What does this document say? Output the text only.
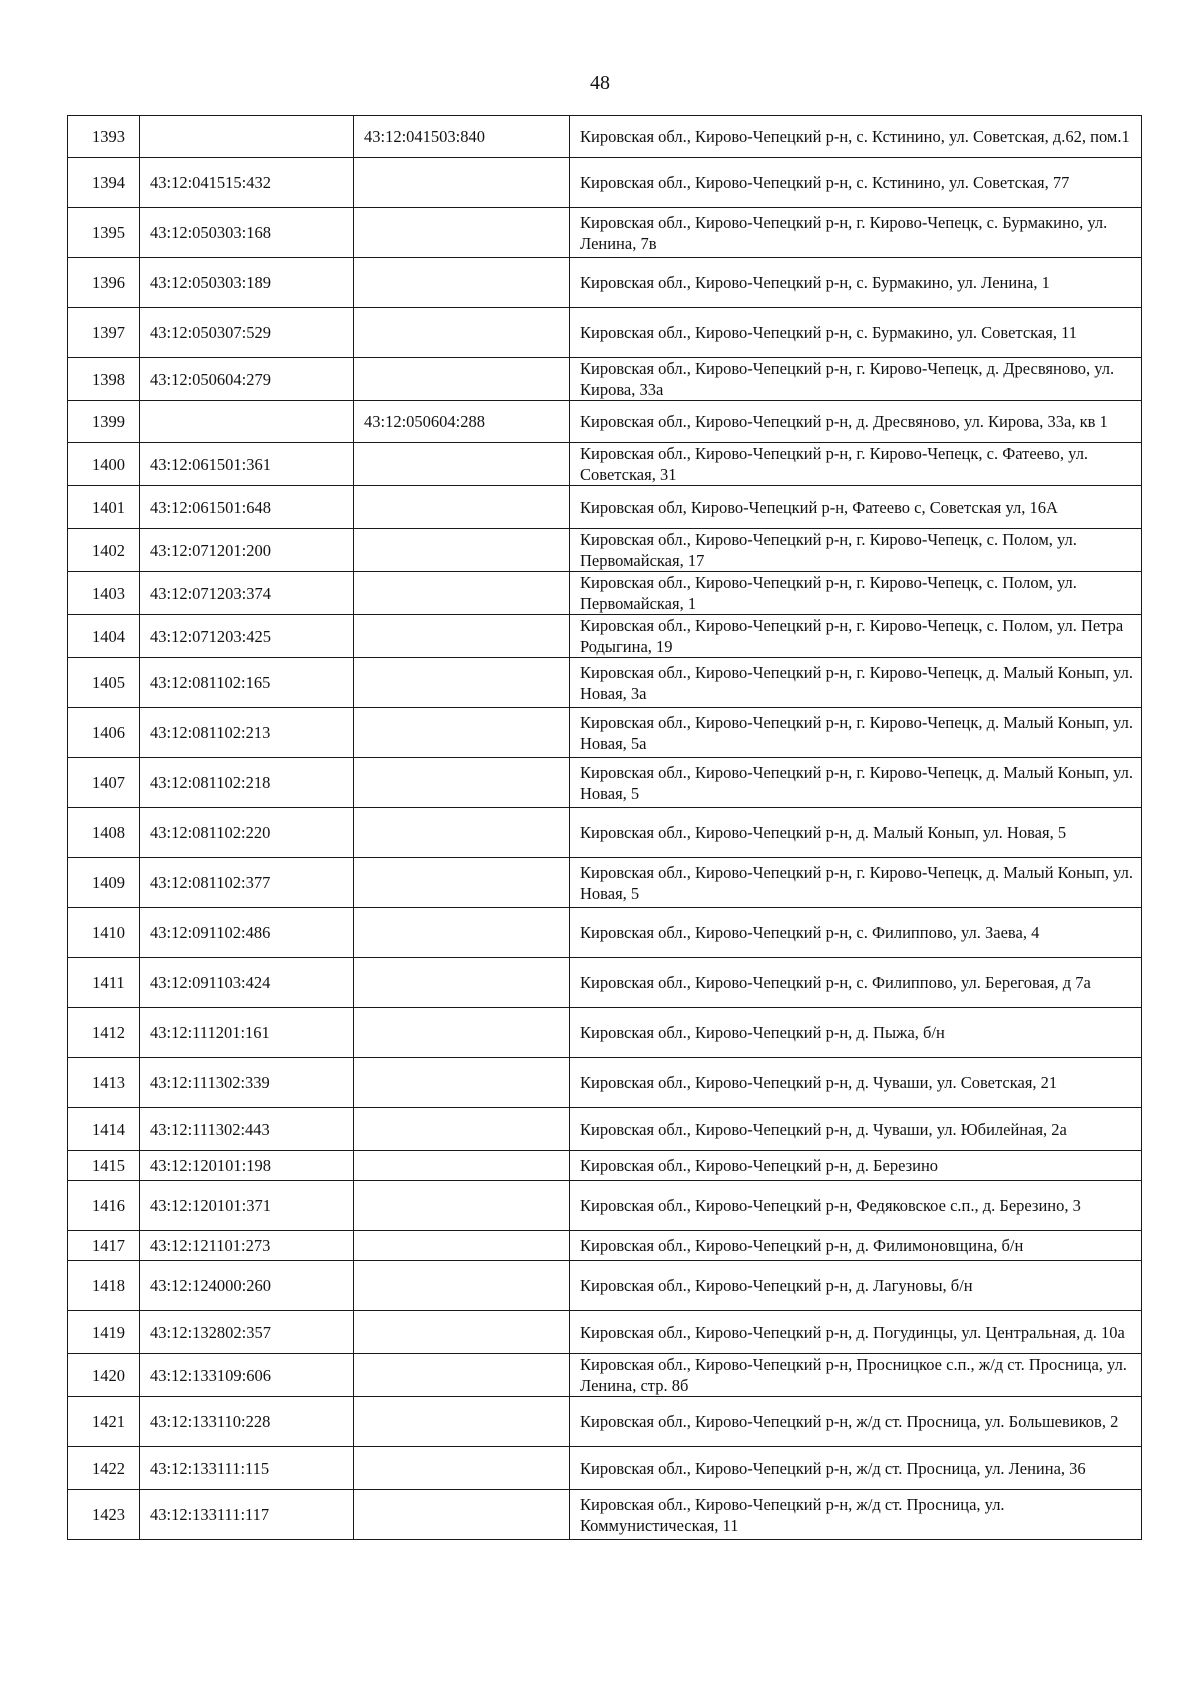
48
1393		43:12:041503:840	Кировская обл., Кирово-Чепецкий р-н, с. Кстинино, ул. Советская, д.62, пом.1
1394	43:12:041515:432		Кировская обл., Кирово-Чепецкий р-н, с. Кстинино, ул. Советская, 77
1395	43:12:050303:168		Кировская обл., Кирово-Чепецкий р-н, г. Кирово-Чепецк, с. Бурмакино, ул. Ленина, 7в
1396	43:12:050303:189		Кировская обл., Кирово-Чепецкий р-н, с. Бурмакино, ул. Ленина, 1
1397	43:12:050307:529		Кировская обл., Кирово-Чепецкий р-н, с. Бурмакино, ул. Советская, 11
1398	43:12:050604:279		Кировская обл., Кирово-Чепецкий р-н, г. Кирово-Чепецк, д. Дресвяново, ул. Кирова, 33а
1399		43:12:050604:288	Кировская обл., Кирово-Чепецкий р-н, д. Дресвяново, ул. Кирова, 33а, кв 1
1400	43:12:061501:361		Кировская обл., Кирово-Чепецкий р-н, г. Кирово-Чепецк, с. Фатеево, ул. Советская, 31
1401	43:12:061501:648		Кировская обл, Кирово-Чепецкий р-н, Фатеево с, Советская ул, 16А
1402	43:12:071201:200		Кировская обл., Кирово-Чепецкий р-н, г. Кирово-Чепецк, с. Полом, ул. Первомайская, 17
1403	43:12:071203:374		Кировская обл., Кирово-Чепецкий р-н, г. Кирово-Чепецк, с. Полом, ул. Первомайская, 1
1404	43:12:071203:425		Кировская обл., Кирово-Чепецкий р-н, г. Кирово-Чепецк, с. Полом, ул. Петра Родыгина, 19
1405	43:12:081102:165		Кировская обл., Кирово-Чепецкий р-н, г. Кирово-Чепецк, д. Малый Конып, ул. Новая, 3а
1406	43:12:081102:213		Кировская обл., Кирово-Чепецкий р-н, г. Кирово-Чепецк, д. Малый Конып, ул. Новая, 5а
1407	43:12:081102:218		Кировская обл., Кирово-Чепецкий р-н, г. Кирово-Чепецк, д. Малый Конып, ул. Новая, 5
1408	43:12:081102:220		Кировская обл., Кирово-Чепецкий р-н, д. Малый Конып, ул. Новая, 5
1409	43:12:081102:377		Кировская обл., Кирово-Чепецкий р-н, г. Кирово-Чепецк, д. Малый Конып, ул. Новая, 5
1410	43:12:091102:486		Кировская обл., Кирово-Чепецкий р-н, с. Филиппово, ул. Заева, 4
1411	43:12:091103:424		Кировская обл., Кирово-Чепецкий р-н, с. Филиппово, ул. Береговая, д 7а
1412	43:12:111201:161		Кировская обл., Кирово-Чепецкий р-н, д. Пыжа, б/н
1413	43:12:111302:339		Кировская обл., Кирово-Чепецкий р-н, д. Чуваши, ул. Советская, 21
1414	43:12:111302:443		Кировская обл., Кирово-Чепецкий р-н, д. Чуваши, ул. Юбилейная, 2а
1415	43:12:120101:198		Кировская обл., Кирово-Чепецкий р-н, д. Березино
1416	43:12:120101:371		Кировская обл., Кирово-Чепецкий р-н, Федяковское с.п., д. Березино, 3
1417	43:12:121101:273		Кировская обл., Кирово-Чепецкий р-н, д. Филимоновщина, б/н
1418	43:12:124000:260		Кировская обл., Кирово-Чепецкий р-н, д. Лагуновы, б/н
1419	43:12:132802:357		Кировская обл., Кирово-Чепецкий р-н, д. Погудинцы, ул. Центральная, д. 10а
1420	43:12:133109:606		Кировская обл., Кирово-Чепецкий р-н, Просницкое с.п., ж/д ст. Просница, ул. Ленина, стр. 8б
1421	43:12:133110:228		Кировская обл., Кирово-Чепецкий р-н, ж/д ст. Просница, ул. Большевиков, 2
1422	43:12:133111:115		Кировская обл., Кирово-Чепецкий р-н, ж/д ст. Просница, ул. Ленина, 36
1423	43:12:133111:117		Кировская обл., Кирово-Чепецкий р-н, ж/д ст. Просница, ул. Коммунистическая, 11
